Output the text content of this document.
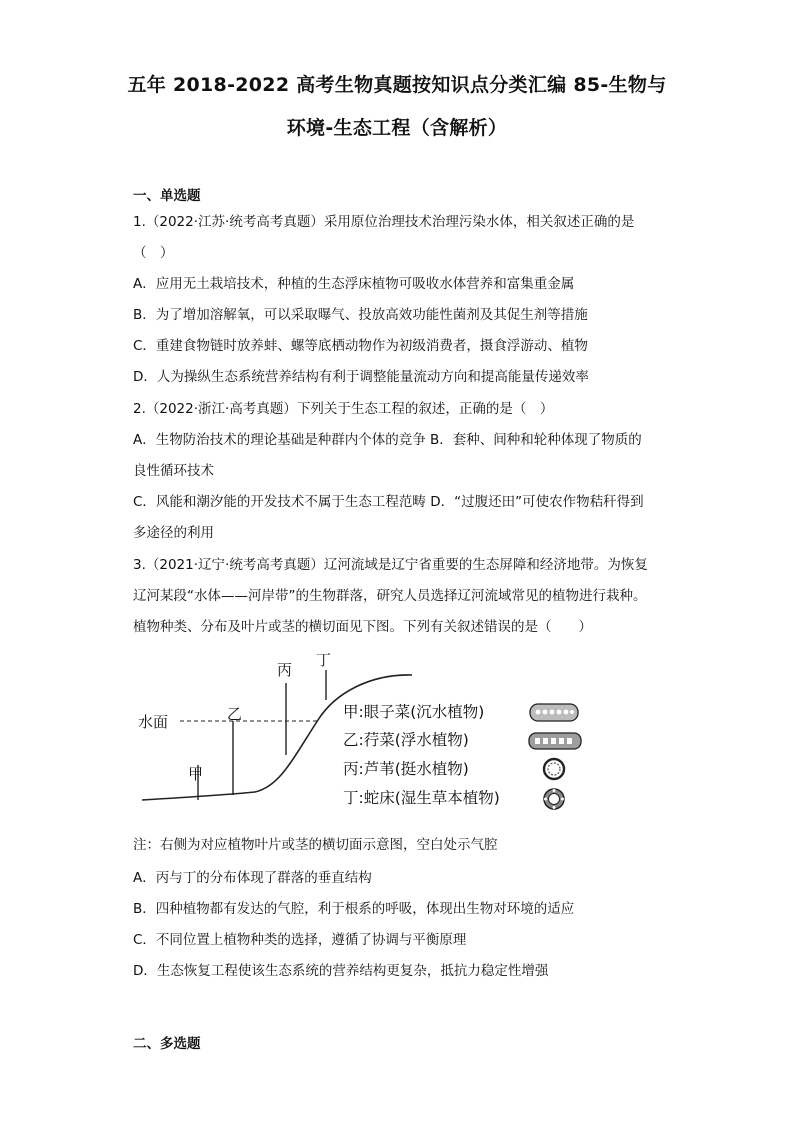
五年 2018-2022 高考生物真题按知识点分类汇编 85-生物与
环境-生态工程（含解析）
一、单选题
1.（2022·江苏·统考高考真题）采用原位治理技术治理污染水体，相关叙述正确的是
（　）
A．应用无土栽培技术，种植的生态浮床植物可吸收水体营养和富集重金属
B．为了增加溶解氧，可以采取曝气、投放高效功能性菌剂及其促生剂等措施
C．重建食物链时放养蚌、螺等底栖动物作为初级消费者，摄食浮游动、植物
D．人为操纵生态系统营养结构有利于调整能量流动方向和提高能量传递效率
2.（2022·浙江·高考真题）下列关于生态工程的叙述，正确的是（　）
A．生物防治技术的理论基础是种群内个体的竞争 B．套种、间种和轮种体现了物质的
良性循环技术
C．风能和潮汐能的开发技术不属于生态工程范畴 D．“过腹还田”可使农作物秸秆得到
多途径的利用
3.（2021·辽宁·统考高考真题）辽河流域是辽宁省重要的生态屏障和经济地带。为恢复
辽河某段“水体——河岸带”的生物群落，研究人员选择辽河流域常见的植物进行栽种。
植物种类、分布及叶片或茎的横切面见下图。下列有关叙述错误的是（　　）
水面
甲
乙
丙
丁
甲:眼子菜(沉水植物)
乙:荇菜(浮水植物)
丙:芦苇(挺水植物)
丁:蛇床(湿生草本植物)
注：右侧为对应植物叶片或茎的横切面示意图，空白处示气腔
A．丙与丁的分布体现了群落的垂直结构
B．四种植物都有发达的气腔，利于根系的呼吸，体现出生物对环境的适应
C．不同位置上植物种类的选择，遵循了协调与平衡原理
D．生态恢复工程使该生态系统的营养结构更复杂，抵抗力稳定性增强
二、多选题
